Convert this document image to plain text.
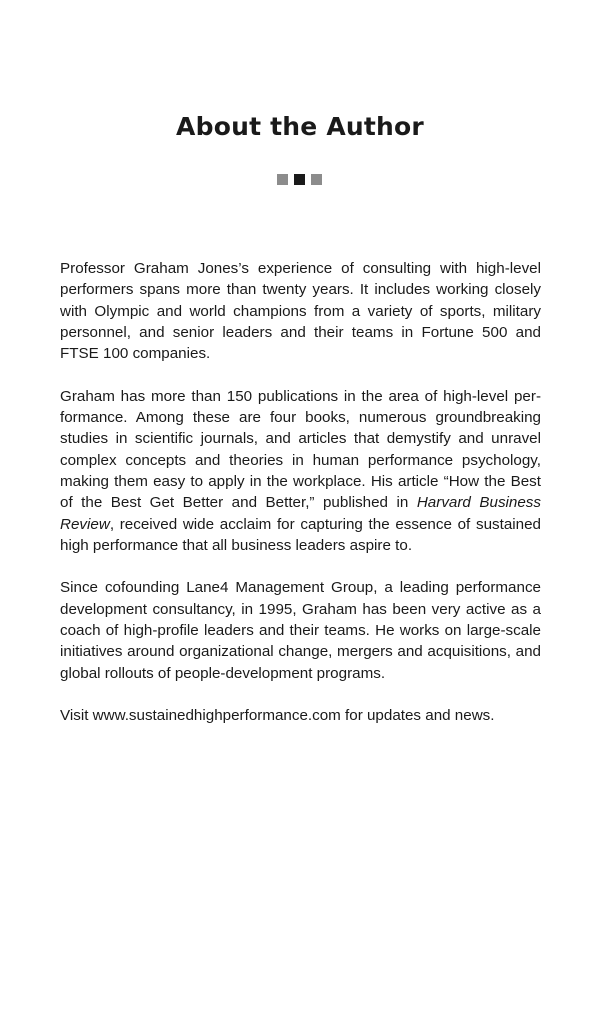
About the Author

Professor Graham Jones’s experience of consulting with high-level performers spans more than twenty years. It includes working closely with Olympic and world champions from a variety of sports, military personnel, and senior leaders and their teams in Fortune 500 and FTSE 100 companies.

Graham has more than 150 publications in the area of high-level performance. Among these are four books, numerous groundbreaking studies in scientific journals, and articles that demystify and unravel complex concepts and theories in human performance psychology, making them easy to apply in the workplace. His article “How the Best of the Best Get Better and Better,” published in Harvard Business Review, received wide acclaim for capturing the essence of sustained high performance that all business leaders aspire to.

Since cofounding Lane4 Management Group, a leading performance development consultancy, in 1995, Graham has been very active as a coach of high-profile leaders and their teams. He works on large-scale initiatives around organizational change, mergers and acquisitions, and global rollouts of people-development programs.

Visit www.sustainedhighperformance.com for updates and news.
